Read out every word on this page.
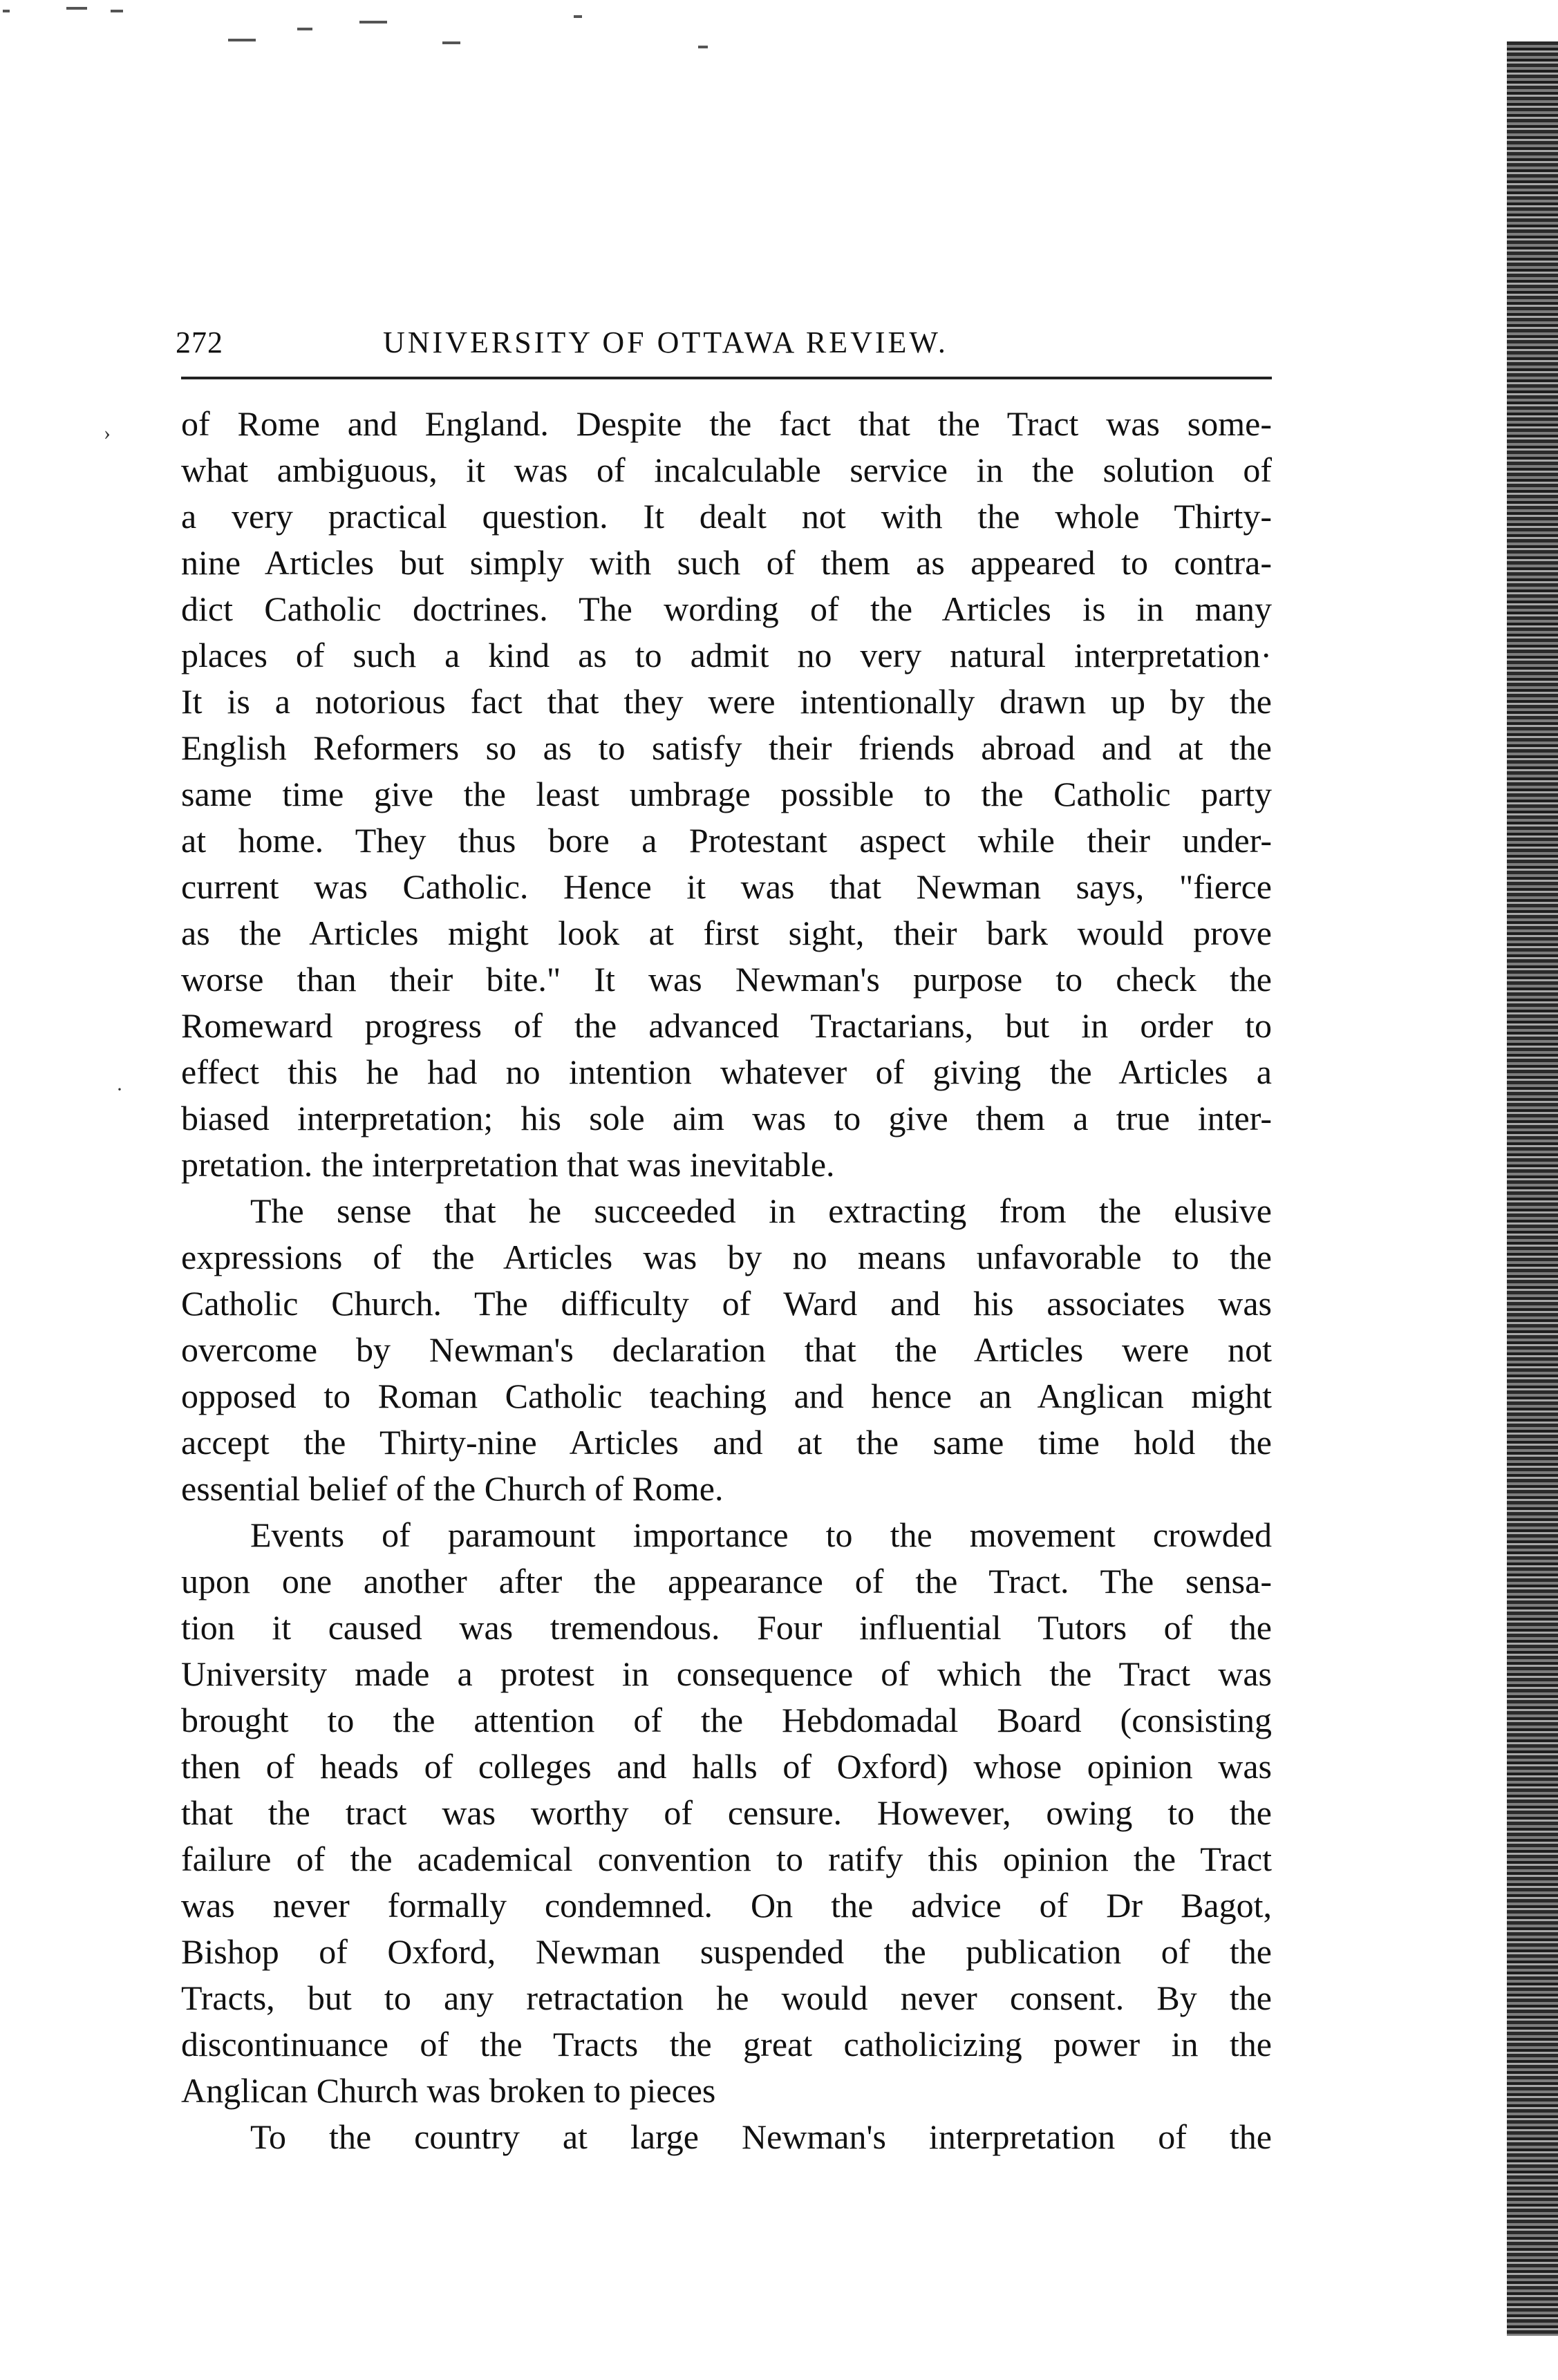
272	UNIVERSITY OF OTTAWA REVIEW.
›
·
of Rome and England. Despite the fact that the Tract was some-
what ambiguous, it was of incalculable service in the solution of
a very practical question. It dealt not with the whole Thirty-
nine Articles but simply with such of them as appeared to contra-
dict Catholic doctrines. The wording of the Articles is in many
places of such a kind as to admit no very natural interpretation·
It is a notorious fact that they were intentionally drawn up by the
English Reformers so as to satisfy their friends abroad and at the
same time give the least umbrage possible to the Catholic party
at home. They thus bore a Protestant aspect while their under-
current was Catholic. Hence it was that Newman says, "fierce
as the Articles might look at first sight, their bark would prove
worse than their bite." It was Newman's purpose to check the
Romeward progress of the advanced Tractarians, but in order to
effect this he had no intention whatever of giving the Articles a
biased interpretation; his sole aim was to give them a true inter-
pretation. the interpretation that was inevitable.
The sense that he succeeded in extracting from the elusive
expressions of the Articles was by no means unfavorable to the
Catholic Church. The difficulty of Ward and his associates was
overcome by Newman's declaration that the Articles were not
opposed to Roman Catholic teaching and hence an Anglican might
accept the Thirty-nine Articles and at the same time hold the
essential belief of the Church of Rome.
Events of paramount importance to the movement crowded
upon one another after the appearance of the Tract. The sensa-
tion it caused was tremendous. Four influential Tutors of the
University made a protest in consequence of which the Tract was
brought to the attention of the Hebdomadal Board (consisting
then of heads of colleges and halls of Oxford) whose opinion was
that the tract was worthy of censure. However, owing to the
failure of the academical convention to ratify this opinion the Tract
was never formally condemned. On the advice of Dr Bagot,
Bishop of Oxford, Newman suspended the publication of the
Tracts, but to any retractation he would never consent. By the
discontinuance of the Tracts the great catholicizing power in the
Anglican Church was broken to pieces
To the country at large Newman's interpretation of the
